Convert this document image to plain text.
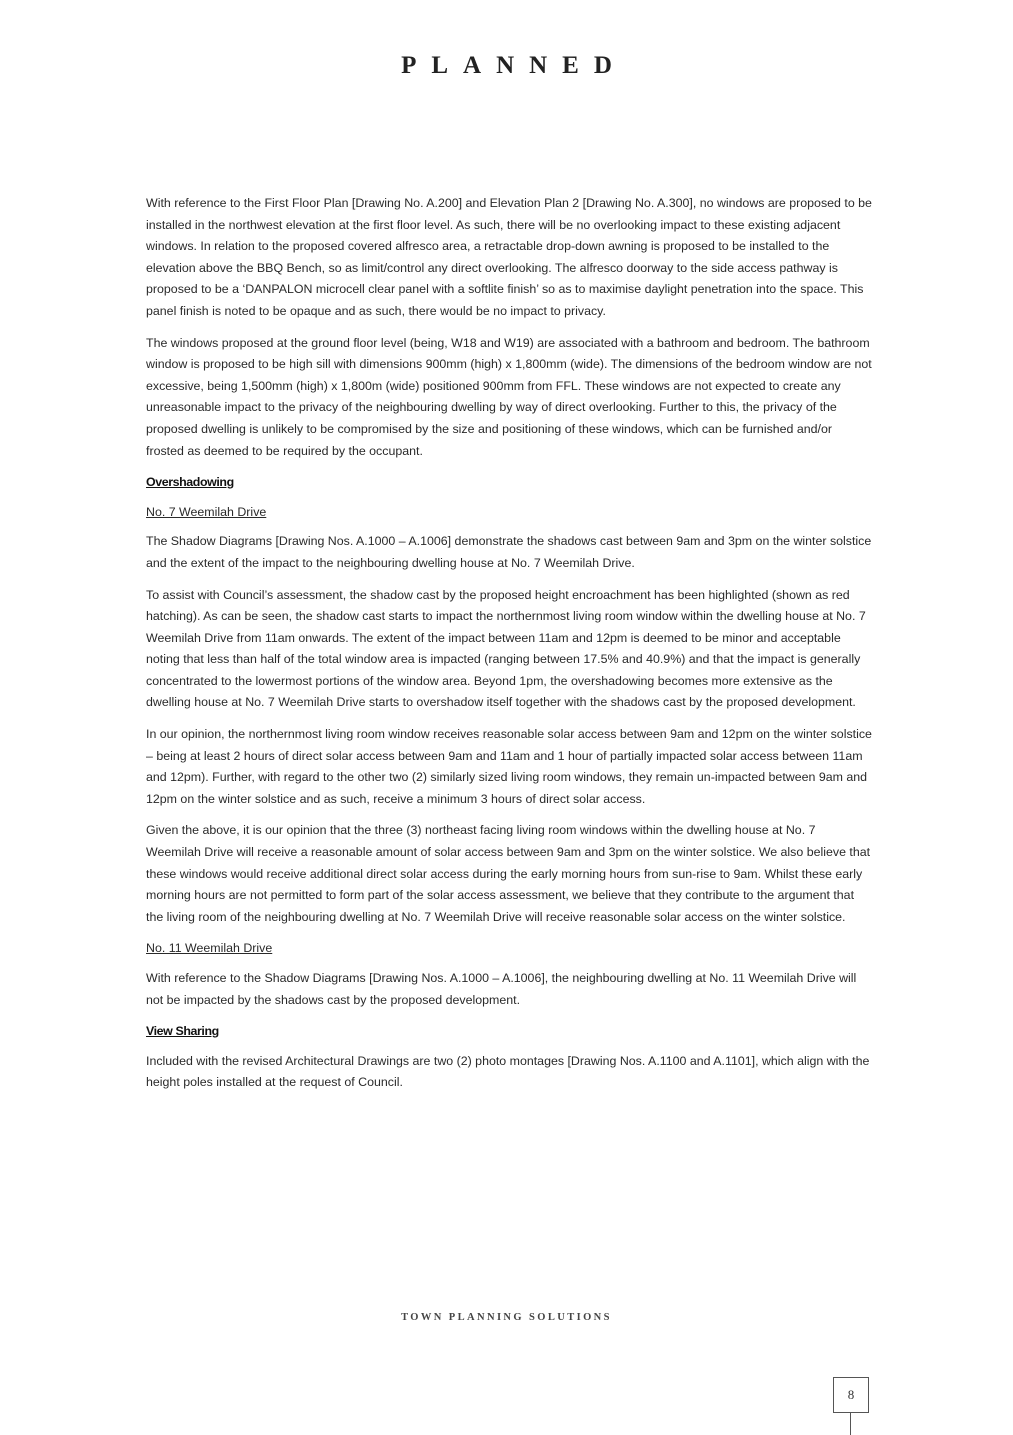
PLANNED

With reference to the First Floor Plan [Drawing No. A.200] and Elevation Plan 2 [Drawing No. A.300], no windows are proposed to be installed in the northwest elevation at the first floor level. As such, there will be no overlooking impact to these existing adjacent windows. In relation to the proposed covered alfresco area, a retractable drop-down awning is proposed to be installed to the elevation above the BBQ Bench, so as limit/control any direct overlooking. The alfresco doorway to the side access pathway is proposed to be a ‘DANPALON microcell clear panel with a softlite finish’ so as to maximise daylight penetration into the space. This panel finish is noted to be opaque and as such, there would be no impact to privacy.

The windows proposed at the ground floor level (being, W18 and W19) are associated with a bathroom and bedroom. The bathroom window is proposed to be high sill with dimensions 900mm (high) x 1,800mm (wide). The dimensions of the bedroom window are not excessive, being 1,500mm (high) x 1,800m (wide) positioned 900mm from FFL. These windows are not expected to create any unreasonable impact to the privacy of the neighbouring dwelling by way of direct overlooking. Further to this, the privacy of the proposed dwelling is unlikely to be compromised by the size and positioning of these windows, which can be furnished and/or frosted as deemed to be required by the occupant.

Overshadowing

No. 7 Weemilah Drive

The Shadow Diagrams [Drawing Nos. A.1000 – A.1006] demonstrate the shadows cast between 9am and 3pm on the winter solstice and the extent of the impact to the neighbouring dwelling house at No. 7 Weemilah Drive.

To assist with Council’s assessment, the shadow cast by the proposed height encroachment has been highlighted (shown as red hatching). As can be seen, the shadow cast starts to impact the northernmost living room window within the dwelling house at No. 7 Weemilah Drive from 11am onwards. The extent of the impact between 11am and 12pm is deemed to be minor and acceptable noting that less than half of the total window area is impacted (ranging between 17.5% and 40.9%) and that the impact is generally concentrated to the lowermost portions of the window area. Beyond 1pm, the overshadowing becomes more extensive as the dwelling house at No. 7 Weemilah Drive starts to overshadow itself together with the shadows cast by the proposed development.

In our opinion, the northernmost living room window receives reasonable solar access between 9am and 12pm on the winter solstice – being at least 2 hours of direct solar access between 9am and 11am and 1 hour of partially impacted solar access between 11am and 12pm). Further, with regard to the other two (2) similarly sized living room windows, they remain un-impacted between 9am and 12pm on the winter solstice and as such, receive a minimum 3 hours of direct solar access.

Given the above, it is our opinion that the three (3) northeast facing living room windows within the dwelling house at No. 7 Weemilah Drive will receive a reasonable amount of solar access between 9am and 3pm on the winter solstice. We also believe that these windows would receive additional direct solar access during the early morning hours from sun-rise to 9am. Whilst these early morning hours are not permitted to form part of the solar access assessment, we believe that they contribute to the argument that the living room of the neighbouring dwelling at No. 7 Weemilah Drive will receive reasonable solar access on the winter solstice.

No. 11 Weemilah Drive

With reference to the Shadow Diagrams [Drawing Nos. A.1000 – A.1006], the neighbouring dwelling at No. 11 Weemilah Drive will not be impacted by the shadows cast by the proposed development.

View Sharing

Included with the revised Architectural Drawings are two (2) photo montages [Drawing Nos. A.1100 and A.1101], which align with the height poles installed at the request of Council.

TOWN PLANNING SOLUTIONS
8
